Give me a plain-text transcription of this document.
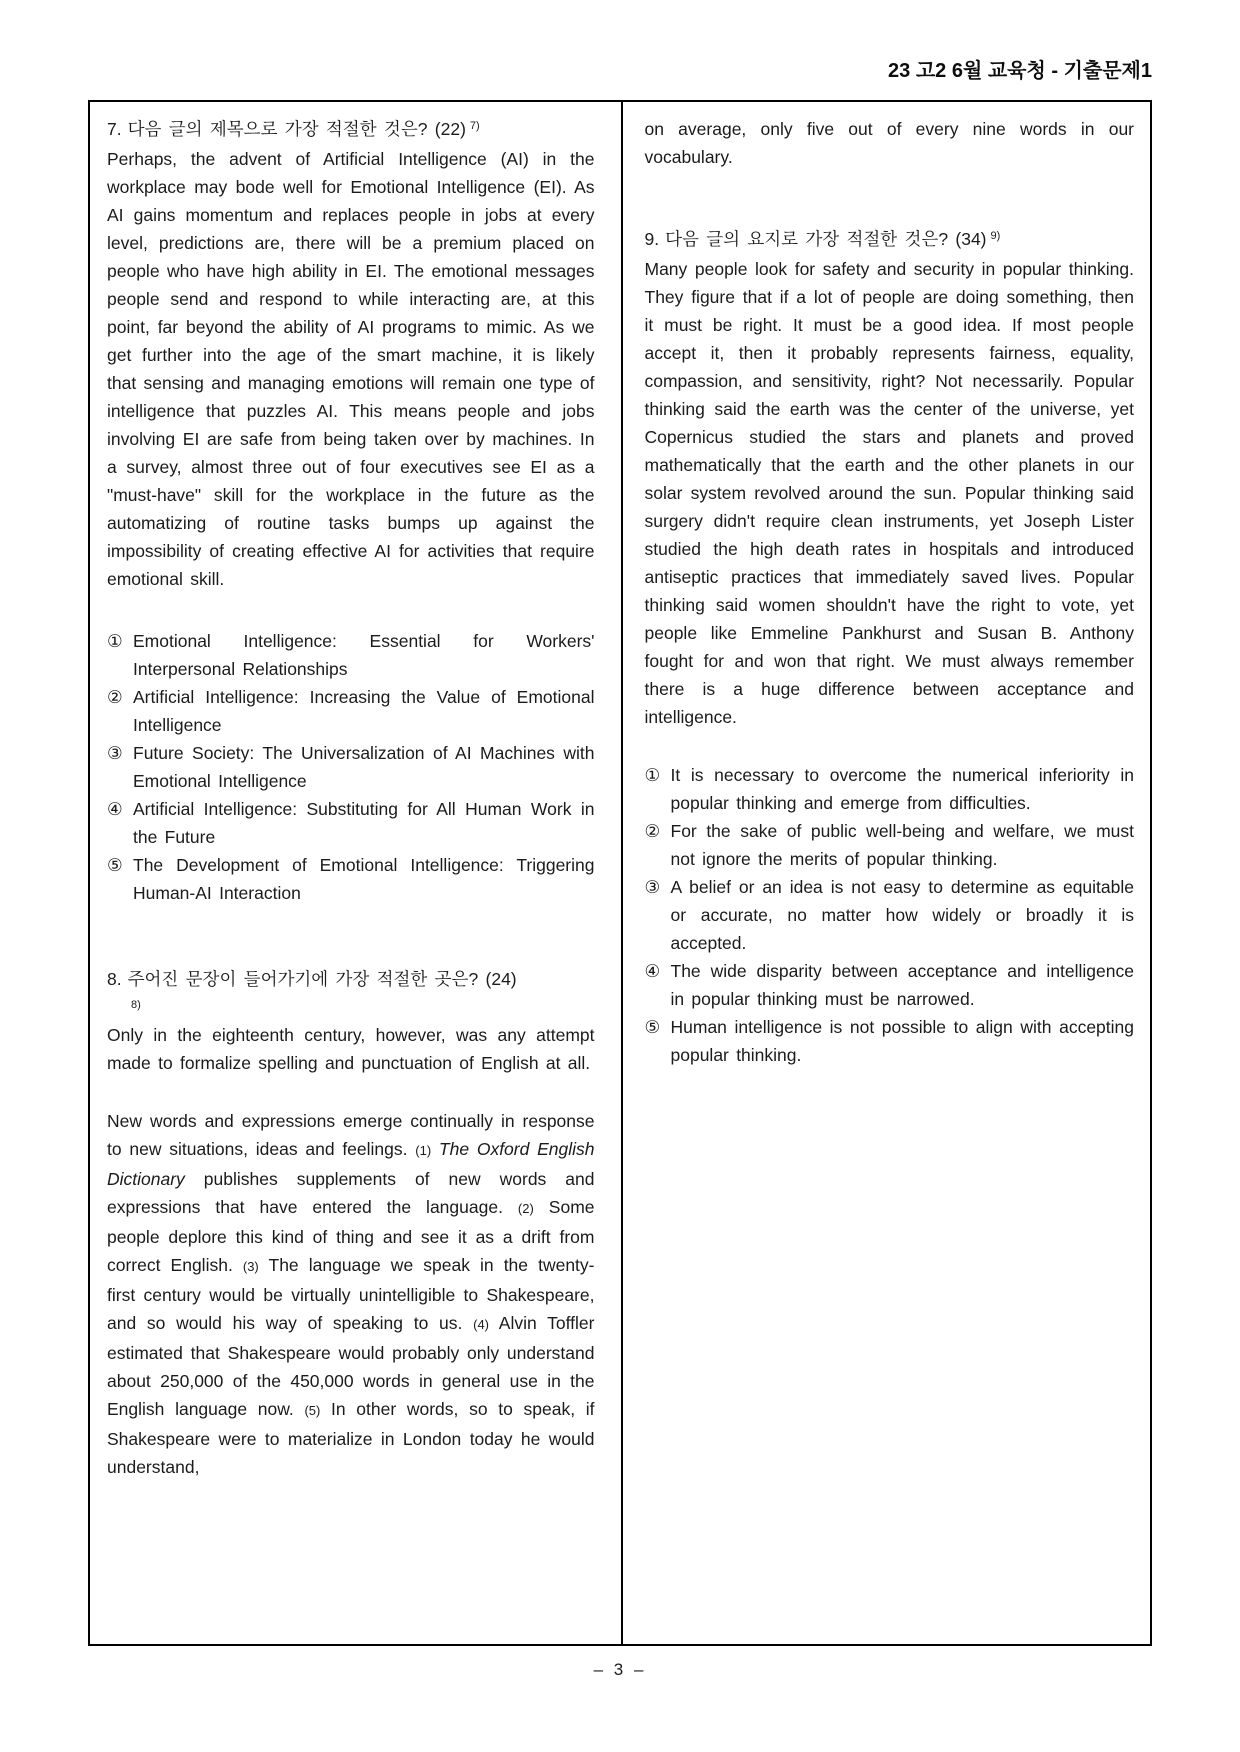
23 고2 6월 교육청 - 기출문제1
7. 다음 글의 제목으로 가장 적절한 것은? (22) $^{7)}$

Perhaps, the advent of Artificial Intelligence (AI) in the workplace may bode well for Emotional Intelligence (EI). As AI gains momentum and replaces people in jobs at every level, predictions are, there will be a premium placed on people who have high ability in EI. The emotional messages people send and respond to while interacting are, at this point, far beyond the ability of AI programs to mimic. As we get further into the age of the smart machine, it is likely that sensing and managing emotions will remain one type of intelligence that puzzles AI. This means people and jobs involving EI are safe from being taken over by machines. In a survey, almost three out of four executives see EI as a "must-have" skill for the workplace in the future as the automatizing of routine tasks bumps up against the impossibility of creating effective AI for activities that require emotional skill.

① Emotional Intelligence: Essential for Workers' Interpersonal Relationships
② Artificial Intelligence: Increasing the Value of Emotional Intelligence
③ Future Society: The Universalization of AI Machines with Emotional Intelligence
④ Artificial Intelligence: Substituting for All Human Work in the Future
⑤ The Development of Emotional Intelligence: Triggering Human-AI Interaction
8. 주어진 문장이 들어가기에 가장 적절한 곳은? (24)
8)

Only in the eighteenth century, however, was any attempt made to formalize spelling and punctuation of English at all.

New words and expressions emerge continually in response to new situations, ideas and feelings. (1) The Oxford English Dictionary publishes supplements of new words and expressions that have entered the language. (2) Some people deplore this kind of thing and see it as a drift from correct English. (3) The language we speak in the twenty-first century would be virtually unintelligible to Shakespeare, and so would his way of speaking to us. (4) Alvin Toffler estimated that Shakespeare would probably only understand about 250,000 of the 450,000 words in general use in the English language now. (5) In other words, so to speak, if Shakespeare were to materialize in London today he would understand,

on average, only five out of every nine words in our vocabulary.

9. 다음 글의 요지로 가장 적절한 것은? (34) $^{9)}$

Many people look for safety and security in popular thinking. They figure that if a lot of people are doing something, then it must be right. It must be a good idea. If most people accept it, then it probably represents fairness, equality, compassion, and sensitivity, right? Not necessarily. Popular thinking said the earth was the center of the universe, yet Copernicus studied the stars and planets and proved mathematically that the earth and the other planets in our solar system revolved around the sun. Popular thinking said surgery didn't require clean instruments, yet Joseph Lister studied the high death rates in hospitals and introduced antiseptic practices that immediately saved lives. Popular thinking said women shouldn't have the right to vote, yet people like Emmeline Pankhurst and Susan B. Anthony fought for and won that right. We must always remember there is a huge difference between acceptance and intelligence.

① It is necessary to overcome the numerical inferiority in popular thinking and emerge from difficulties.
② For the sake of public well-being and welfare, we must not ignore the merits of popular thinking.
③ A belief or an idea is not easy to determine as equitable or accurate, no matter how widely or broadly it is accepted.
④ The wide disparity between acceptance and intelligence in popular thinking must be narrowed.
⑤ Human intelligence is not possible to align with accepting popular thinking.
– 3 –
